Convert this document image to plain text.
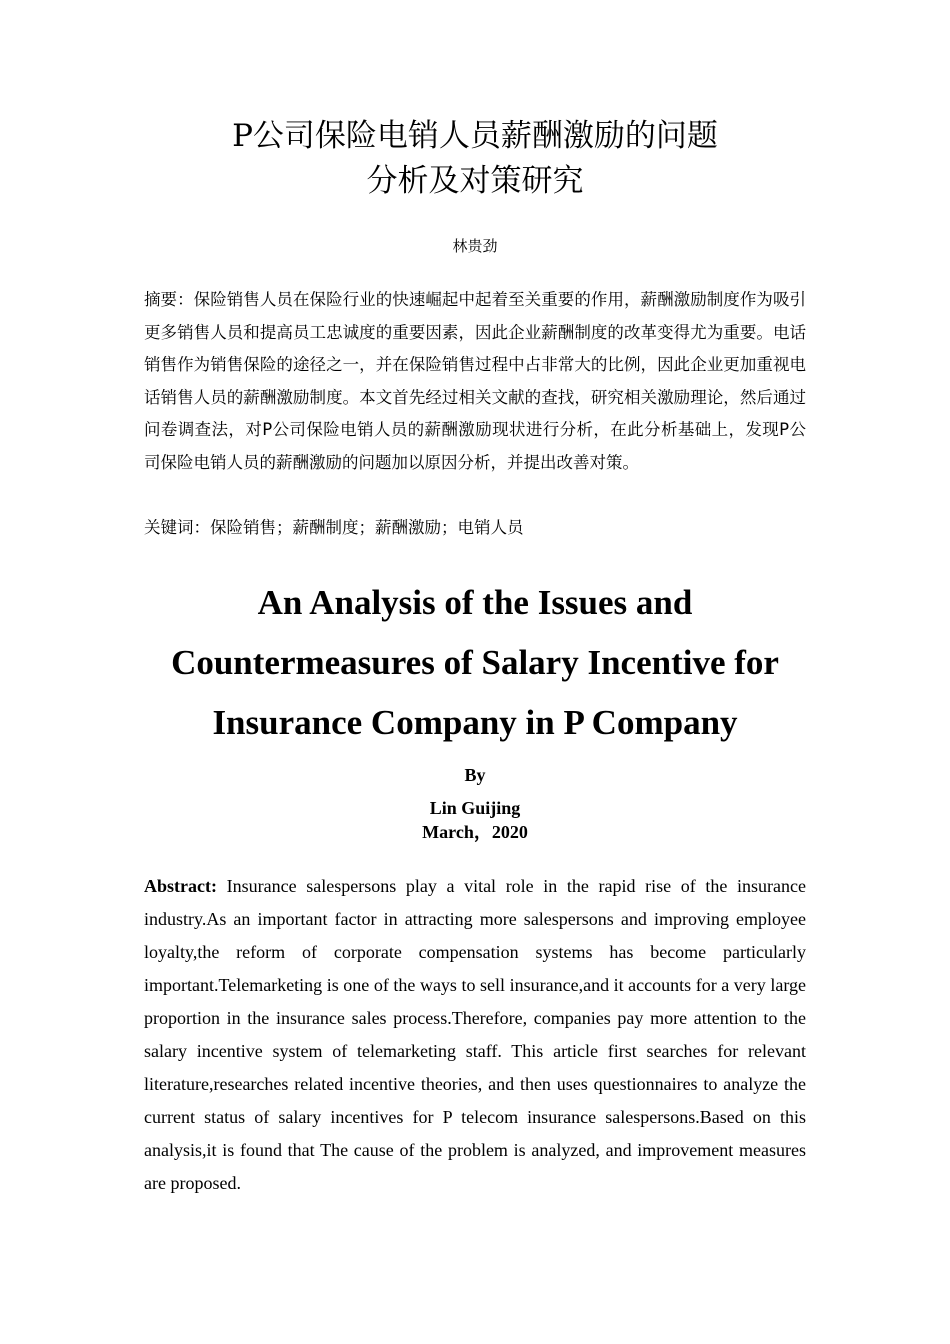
P公司保险电销人员薪酬激励的问题
分析及对策研究
林贵劲

摘要：保险销售人员在保险行业的快速崛起中起着至关重要的作用，薪酬激励制度作为吸引更多销售人员和提高员工忠诚度的重要因素，因此企业薪酬制度的改革变得尤为重要。电话销售作为销售保险的途径之一，并在保险销售过程中占非常大的比例，因此企业更加重视电话销售人员的薪酬激励制度。本文首先经过相关文献的查找，研究相关激励理论，然后通过问卷调查法，对P公司保险电销人员的薪酬激励现状进行分析，在此分析基础上，发现P公司保险电销人员的薪酬激励的问题加以原因分析，并提出改善对策。

关键词：保险销售；薪酬制度；薪酬激励；电销人员

An Analysis of the Issues and
Countermeasures of Salary Incentive for
Insurance Company in P Company
By
Lin Guijing
March，2020

Abstract: Insurance salespersons play a vital role in the rapid rise of the insurance industry.As an important factor in attracting more salespersons and improving employee loyalty,the reform of corporate compensation systems has become particularly important.Telemarketing is one of the ways to sell insurance,and it accounts for a very large proportion in the insurance sales process.Therefore, companies pay more attention to the salary incentive system of telemarketing staff. This article first searches for relevant literature,researches related incentive theories, and then uses questionnaires to analyze the current status of salary incentives for P telecom insurance salespersons.Based on this analysis,it is found that The cause of the problem is analyzed, and improvement measures are proposed.
